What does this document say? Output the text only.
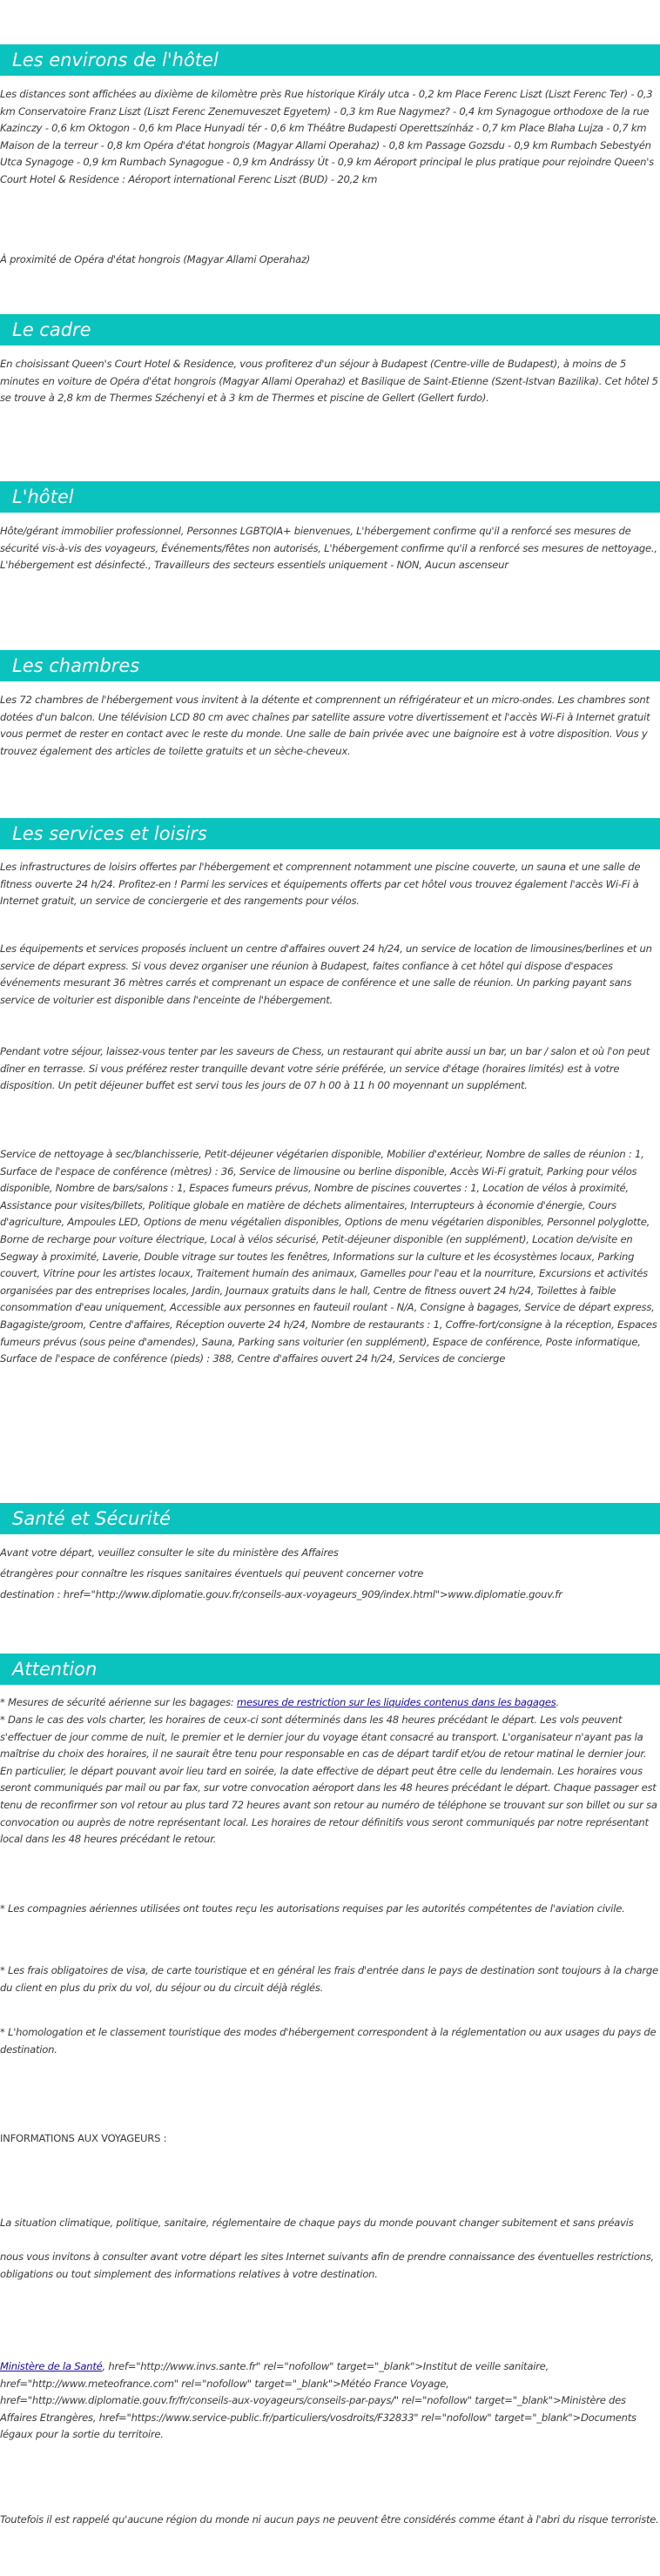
Les environs de l'hôtel

Les distances sont affichées au dixième de kilomètre près Rue historique Király utca - 0,2 km Place Ferenc Liszt (Liszt Ferenc Ter) - 0,3 km Conservatoire Franz Liszt (Liszt Ferenc Zenemuveszet Egyetem) - 0,3 km Rue Nagymez? - 0,4 km Synagogue orthodoxe de la rue Kazinczy - 0,6 km Oktogon - 0,6 km Place Hunyadi tér - 0,6 km Théâtre Budapesti Operettszínház - 0,7 km Place Blaha Lujza - 0,7 km Maison de la terreur - 0,8 km Opéra d'état hongrois (Magyar Allami Operahaz) - 0,8 km Passage Gozsdu - 0,9 km Rumbach Sebestyén Utca Synagoge - 0,9 km Rumbach Synagogue - 0,9 km Andrássy Út - 0,9 km Aéroport principal le plus pratique pour rejoindre Queen's Court Hotel & Residence : Aéroport international Ferenc Liszt (BUD) - 20,2 km

À proximité de Opéra d'état hongrois (Magyar Allami Operahaz)

Le cadre

En choisissant Queen's Court Hotel & Residence, vous profiterez d'un séjour à Budapest (Centre-ville de Budapest), à moins de 5 minutes en voiture de Opéra d'état hongrois (Magyar Allami Operahaz) et Basilique de Saint-Etienne (Szent-Istvan Bazilika). Cet hôtel 5 se trouve à 2,8 km de Thermes Széchenyi et à 3 km de Thermes et piscine de Gellert (Gellert furdo).

L'hôtel

Hôte/gérant immobilier professionnel, Personnes LGBTQIA+ bienvenues, L'hébergement confirme qu'il a renforcé ses mesures de sécurité vis-à-vis des voyageurs, Événements/fêtes non autorisés, L'hébergement confirme qu'il a renforcé ses mesures de nettoyage., L'hébergement est désinfecté., Travailleurs des secteurs essentiels uniquement - NON, Aucun ascenseur

Les chambres

Les 72 chambres de l'hébergement vous invitent à la détente et comprennent un réfrigérateur et un micro-ondes. Les chambres sont dotées d'un balcon. Une télévision LCD 80 cm avec chaînes par satellite assure votre divertissement et l'accès Wi-Fi à Internet gratuit vous permet de rester en contact avec le reste du monde. Une salle de bain privée avec une baignoire est à votre disposition. Vous y trouvez également des articles de toilette gratuits et un sèche-cheveux.

Les services et loisirs

Les infrastructures de loisirs offertes par l'hébergement et comprennent notamment une piscine couverte, un sauna et une salle de fitness ouverte 24 h/24. Profitez-en ! Parmi les services et équipements offerts par cet hôtel vous trouvez également l'accès Wi-Fi à Internet gratuit, un service de conciergerie et des rangements pour vélos.

Les équipements et services proposés incluent un centre d'affaires ouvert 24 h/24, un service de location de limousines/berlines et un service de départ express. Si vous devez organiser une réunion à Budapest, faites confiance à cet hôtel qui dispose d'espaces événements mesurant 36 mètres carrés et comprenant un espace de conférence et une salle de réunion. Un parking payant sans service de voiturier est disponible dans l'enceinte de l'hébergement.

Pendant votre séjour, laissez-vous tenter par les saveurs de Chess, un restaurant qui abrite aussi un bar, un bar / salon et où l'on peut dîner en terrasse. Si vous préférez rester tranquille devant votre série préférée, un service d'étage (horaires limités) est à votre disposition. Un petit déjeuner buffet est servi tous les jours de 07 h 00 à 11 h 00 moyennant un supplément.

Service de nettoyage à sec/blanchisserie, Petit-déjeuner végétarien disponible, Mobilier d'extérieur, Nombre de salles de réunion : 1, Surface de l'espace de conférence (mètres) : 36, Service de limousine ou berline disponible, Accès Wi-Fi gratuit, Parking pour vélos disponible, Nombre de bars/salons : 1, Espaces fumeurs prévus, Nombre de piscines couvertes : 1, Location de vélos à proximité, Assistance pour visites/billets, Politique globale en matière de déchets alimentaires, Interrupteurs à économie d'énergie, Cours d'agriculture, Ampoules LED, Options de menu végétalien disponibles, Options de menu végétarien disponibles, Personnel polyglotte, Borne de recharge pour voiture électrique, Local à vélos sécurisé, Petit-déjeuner disponible (en supplément), Location de/visite en Segway à proximité, Laverie, Double vitrage sur toutes les fenêtres, Informations sur la culture et les écosystèmes locaux, Parking couvert, Vitrine pour les artistes locaux, Traitement humain des animaux, Gamelles pour l'eau et la nourriture, Excursions et activités organisées par des entreprises locales, Jardin, Journaux gratuits dans le hall, Centre de fitness ouvert 24 h/24, Toilettes à faible consommation d'eau uniquement, Accessible aux personnes en fauteuil roulant - N/A, Consigne à bagages, Service de départ express, Bagagiste/groom, Centre d'affaires, Réception ouverte 24 h/24, Nombre de restaurants : 1, Coffre-fort/consigne à la réception, Espaces fumeurs prévus (sous peine d'amendes), Sauna, Parking sans voiturier (en supplément), Espace de conférence, Poste informatique, Surface de l'espace de conférence (pieds) : 388, Centre d'affaires ouvert 24 h/24, Services de concierge

Santé et Sécurité

Avant votre départ, veuillez consulter le site du ministère des Affaires

étrangères pour connaître les risques sanitaires éventuels qui peuvent concerner votre

destination : href="http://www.diplomatie.gouv.fr/conseils-aux-voyageurs_909/index.html">www.diplomatie.gouv.fr

Attention

* Mesures de sécurité aérienne sur les bagages: mesures de restriction sur les liquides contenus dans les bagages.

* Dans le cas des vols charter, les horaires de ceux-ci sont déterminés dans les 48 heures précédant le départ. Les vols peuvent s'effectuer de jour comme de nuit, le premier et le dernier jour du voyage étant consacré au transport. L'organisateur n'ayant pas la maîtrise du choix des horaires, il ne saurait être tenu pour responsable en cas de départ tardif et/ou de retour matinal le dernier jour. En particulier, le départ pouvant avoir lieu tard en soirée, la date effective de départ peut être celle du lendemain. Les horaires vous seront communiqués par mail ou par fax, sur votre convocation aéroport dans les 48 heures précédant le départ. Chaque passager est tenu de reconfirmer son vol retour au plus tard 72 heures avant son retour au numéro de téléphone se trouvant sur son billet ou sur sa convocation ou auprès de notre représentant local. Les horaires de retour définitifs vous seront communiqués par notre représentant local dans les 48 heures précédant le retour.

* Les compagnies aériennes utilisées ont toutes reçu les autorisations requises par les autorités compétentes de l'aviation civile.

* Les frais obligatoires de visa, de carte touristique et en général les frais d'entrée dans le pays de destination sont toujours à la charge du client en plus du prix du vol, du séjour ou du circuit déjà réglés.

* L'homologation et le classement touristique des modes d'hébergement correspondent à la réglementation ou aux usages du pays de destination.

INFORMATIONS AUX VOYAGEURS :

La situation climatique, politique, sanitaire, réglementaire de chaque pays du monde pouvant changer subitement et sans préavis

nous vous invitons à consulter avant votre départ les sites Internet suivants afin de prendre connaissance des éventuelles restrictions, obligations ou tout simplement des informations relatives à votre destination.

Ministère de la Santé, href="http://www.invs.sante.fr" rel="nofollow" target="_blank">Institut de veille sanitaire, href="http://www.meteofrance.com" rel="nofollow" target="_blank">Météo France Voyage, href="http://www.diplomatie.gouv.fr/fr/conseils-aux-voyageurs/conseils-par-pays/" rel="nofollow" target="_blank">Ministère des Affaires Etrangères, href="https://www.service-public.fr/particuliers/vosdroits/F32833" rel="nofollow" target="_blank">Documents légaux pour la sortie du territoire.

Toutefois il est rappelé qu'aucune région du monde ni aucun pays ne peuvent être considérés comme étant à l'abri du risque terroriste.
